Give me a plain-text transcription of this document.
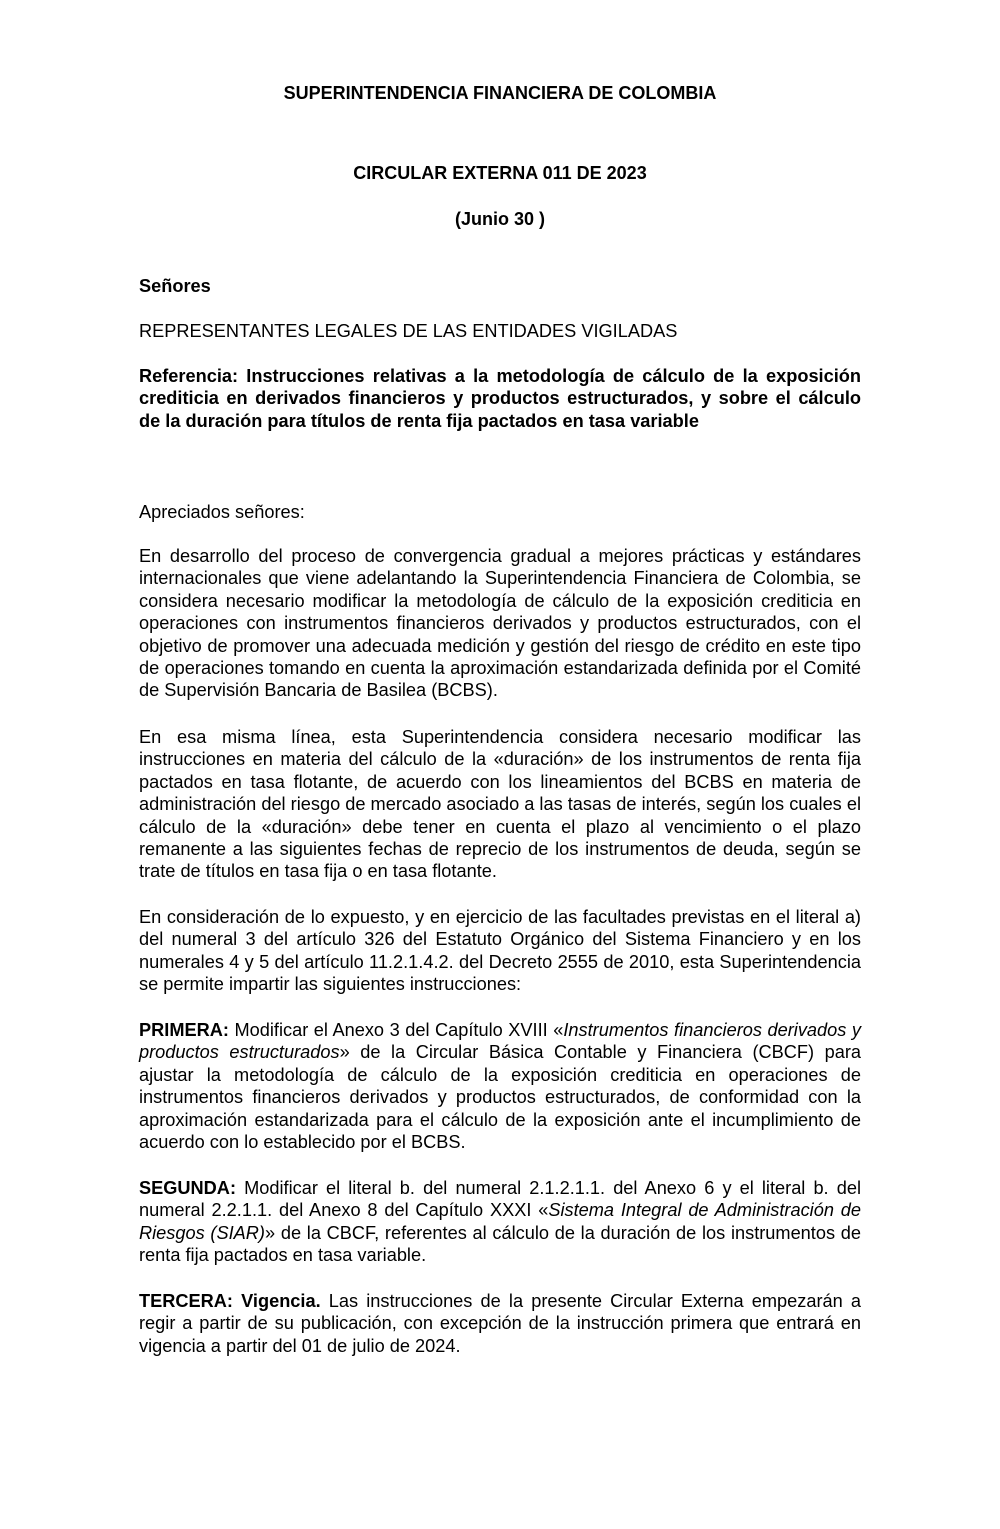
SUPERINTENDENCIA FINANCIERA DE COLOMBIA

CIRCULAR EXTERNA 011 DE 2023

(Junio 30 )

Señores

REPRESENTANTES LEGALES DE LAS ENTIDADES VIGILADAS

Referencia: Instrucciones relativas a la metodología de cálculo de la exposición crediticia en derivados financieros y productos estructurados, y sobre el cálculo de la duración para títulos de renta fija pactados en tasa variable

Apreciados señores:

En desarrollo del proceso de convergencia gradual a mejores prácticas y estándares internacionales que viene adelantando la Superintendencia Financiera de Colombia, se considera necesario modificar la metodología de cálculo de la exposición crediticia en operaciones con instrumentos financieros derivados y productos estructurados, con el objetivo de promover una adecuada medición y gestión del riesgo de crédito en este tipo de operaciones tomando en cuenta la aproximación estandarizada definida por el Comité de Supervisión Bancaria de Basilea (BCBS).

En esa misma línea, esta Superintendencia considera necesario modificar las instrucciones en materia del cálculo de la «duración» de los instrumentos de renta fija pactados en tasa flotante, de acuerdo con los lineamientos del BCBS en materia de administración del riesgo de mercado asociado a las tasas de interés, según los cuales el cálculo de la «duración» debe tener en cuenta el plazo al vencimiento o el plazo remanente a las siguientes fechas de reprecio de los instrumentos de deuda, según se trate de títulos en tasa fija o en tasa flotante.

En consideración de lo expuesto, y en ejercicio de las facultades previstas en el literal a) del numeral 3 del artículo 326 del Estatuto Orgánico del Sistema Financiero y en los numerales 4 y 5 del artículo 11.2.1.4.2. del Decreto 2555 de 2010, esta Superintendencia se permite impartir las siguientes instrucciones:

PRIMERA: Modificar el Anexo 3 del Capítulo XVIII «Instrumentos financieros derivados y productos estructurados» de la Circular Básica Contable y Financiera (CBCF) para ajustar la metodología de cálculo de la exposición crediticia en operaciones de instrumentos financieros derivados y productos estructurados, de conformidad con la aproximación estandarizada para el cálculo de la exposición ante el incumplimiento de acuerdo con lo establecido por el BCBS.

SEGUNDA: Modificar el literal b. del numeral 2.1.2.1.1. del Anexo 6 y el literal b. del numeral 2.2.1.1. del Anexo 8 del Capítulo XXXI «Sistema Integral de Administración de Riesgos (SIAR)» de la CBCF, referentes al cálculo de la duración de los instrumentos de renta fija pactados en tasa variable.

TERCERA: Vigencia. Las instrucciones de la presente Circular Externa empezarán a regir a partir de su publicación, con excepción de la instrucción primera que entrará en vigencia a partir del 01 de julio de 2024.
